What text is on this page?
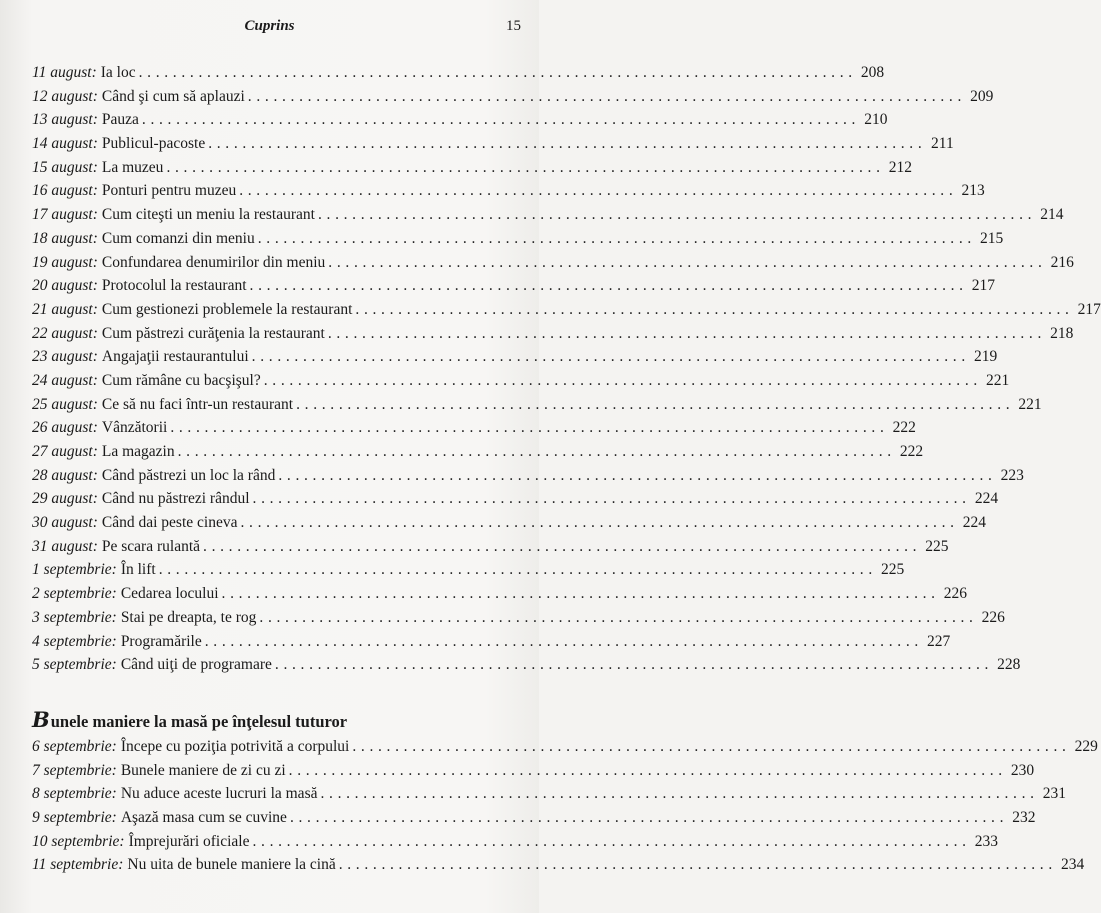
Cuprins	15
11 august : Ia loc . . .	208
12 august : Când şi cum să aplauzi . . .	209
13 august : Pauza . . .	210
14 august : Publicul-pacoste . . .	211
15 august : La muzeu . . .	212
16 august : Ponturi pentru muzeu . . .	213
17 august : Cum citeşti un meniu la restaurant . . .	214
18 august : Cum comanzi din meniu . . .	215
19 august : Confundarea denumirilor din meniu . . .	216
20 august : Protocolul la restaurant . . .	217
21 august : Cum gestionezi problemele la restaurant . . .	217
22 august : Cum păstrezi curăţenia la restaurant . . .	218
23 august : Angajaţii restaurantului . . .	219
24 august : Cum rămâne cu bacşişul? . . .	221
25 august : Ce să nu faci într-un restaurant . . .	221
26 august : Vânzătorii . . .	222
27 august : La magazin . . .	222
28 august : Când păstrezi un loc la rând . . .	223
29 august : Când nu păstrezi rândul . . .	224
30 august : Când dai peste cineva . . .	224
31 august : Pe scara rulantă . . .	225
1 septembrie : În lift . . .	225
2 septembrie : Cedarea locului . . .	226
3 septembrie : Stai pe dreapta, te rog . . .	226
4 septembrie : Programările . . .	227
5 septembrie : Când uiţi de programare . . .	228
Bunele maniere la masă pe înţelesul tuturor
6 septembrie : Începe cu poziţia potrivită a corpului . . .	229
7 septembrie : Bunele maniere de zi cu zi . . .	230
8 septembrie : Nu aduce aceste lucruri la masă . . .	231
9 septembrie : Aşază masa cum se cuvine . . .	232
10 septembrie : Împrejurări oficiale . . .	233
11 septembrie : Nu uita de bunele maniere la cină . . .	234
